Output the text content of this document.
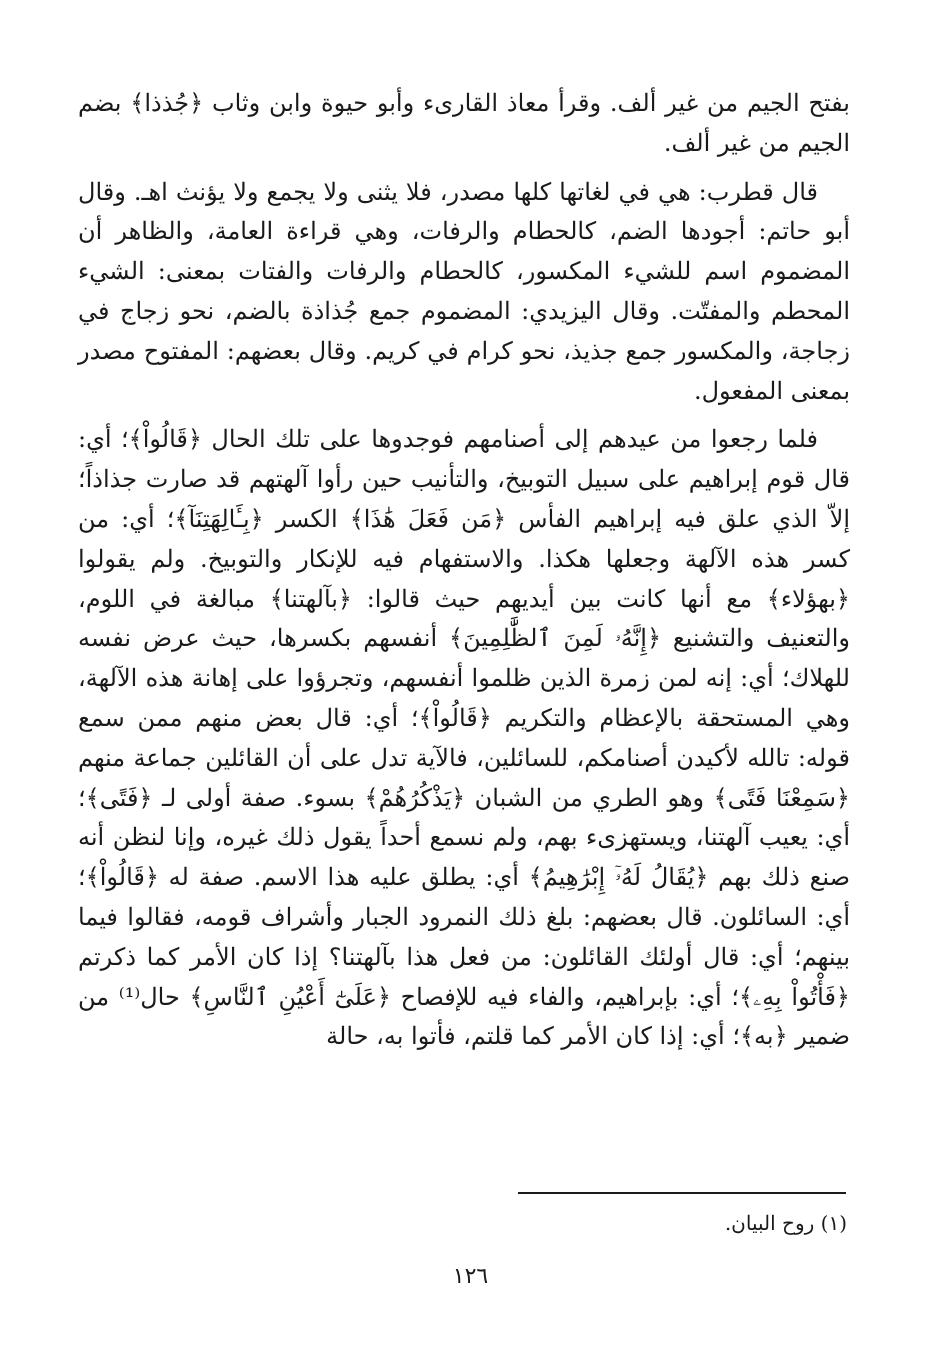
بفتح الجيم من غير ألف. وقرأ معاذ القارىء وأبو حيوة وابن وثاب ﴿جُذذا﴾ بضم الجيم من غير ألف.

قال قطرب: هي في لغاتها كلها مصدر، فلا يثنى ولا يجمع ولا يؤنث اهـ. وقال أبو حاتم: أجودها الضم، كالحطام والرفات، وهي قراءة العامة، والظاهر أن المضموم اسم للشيء المكسور، كالحطام والرفات والفتات بمعنى: الشيء المحطم والمفتّت. وقال اليزيدي: المضموم جمع جُذاذة بالضم، نحو زجاج في زجاجة، والمكسور جمع جذيذ، نحو كرام في كريم. وقال بعضهم: المفتوح مصدر بمعنى المفعول.

فلما رجعوا من عيدهم إلى أصنامهم فوجدوها على تلك الحال ﴿قَالُواْ﴾؛ أي: قال قوم إبراهيم على سبيل التوبيخ، والتأنيب حين رأوا آلهتهم قد صارت جذاذاً؛ إلاّ الذي علق فيه إبراهيم الفأس ﴿مَن فَعَلَ هَٰذَا﴾ الكسر ﴿بِـَٔالِهَتِنَآ﴾؛ أي: من كسر هذه الآلهة وجعلها هكذا. والاستفهام فيه للإنكار والتوبيخ. ولم يقولوا ﴿بهؤلاء﴾ مع أنها كانت بين أيديهم حيث قالوا: ﴿بآلهتنا﴾ مبالغة في اللوم، والتعنيف والتشنيع ﴿إِنَّهُۥ لَمِنَ ٱلظَّٰلِمِينَ﴾ أنفسهم بكسرها، حيث عرض نفسه للهلاك؛ أي: إنه لمن زمرة الذين ظلموا أنفسهم، وتجرؤوا على إهانة هذه الآلهة، وهي المستحقة بالإعظام والتكريم ﴿قَالُواْ﴾؛ أي: قال بعض منهم ممن سمع قوله: تالله لأكيدن أصنامكم، للسائلين، فالآية تدل على أن القائلين جماعة منهم ﴿سَمِعْنَا فَتًى﴾ وهو الطري من الشبان ﴿يَذْكُرُهُمْ﴾ بسوء. صفة أولى لـ ﴿فَتًى﴾؛ أي: يعيب آلهتنا، ويستهزىء بهم، ولم نسمع أحداً يقول ذلك غيره، وإنا لنظن أنه صنع ذلك بهم ﴿يُقَالُ لَهُۥٓ إِبْرَٰهِيمُ﴾ أي: يطلق عليه هذا الاسم. صفة له ﴿قَالُواْ﴾؛ أي: السائلون. قال بعضهم: بلغ ذلك النمرود الجبار وأشراف قومه، فقالوا فيما بينهم؛ أي: قال أولئك القائلون: من فعل هذا بآلهتنا؟ إذا كان الأمر كما ذكرتم ﴿فَأْتُواْ بِهِۦ﴾؛ أي: بإبراهيم، والفاء فيه للإفصاح ﴿عَلَىٰٓ أَعْيُنِ ٱلنَّاسِ﴾ حال⁽¹⁾ من ضمير ﴿به﴾؛ أي: إذا كان الأمر كما قلتم، فأتوا به، حالة

(١) روح البيان.
١٢٦
